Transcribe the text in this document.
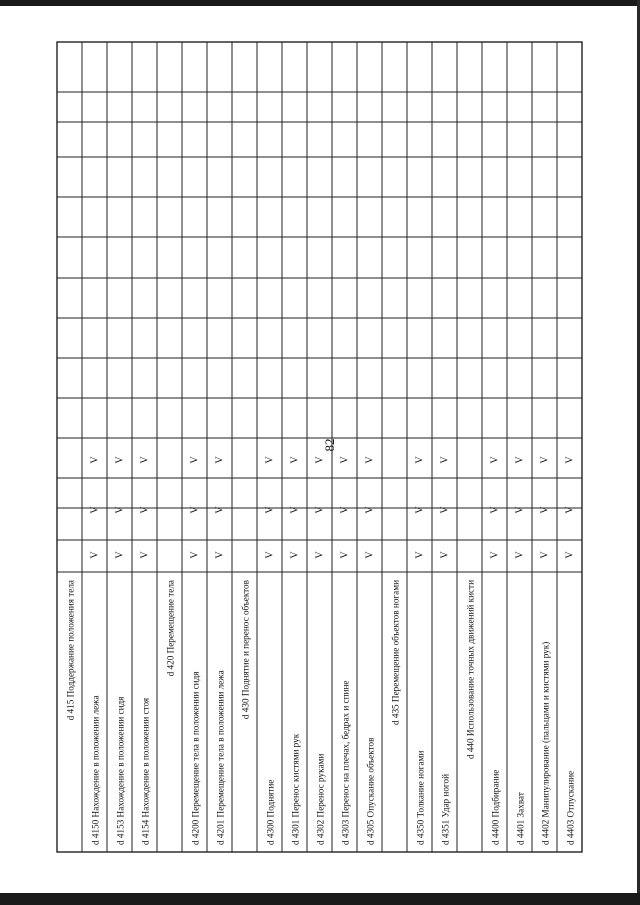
82
d 415 Поддержание положения тела
d 4150 Нахождение в положении лежа d 4153 Нахождение в положении сидя d 4154 Нахождение в положении стоя
d 420 Перемещение тела
d 4200 Перемещение тела в положении сидя d 4201 Перемещение тела в положении лежа
d 430 Поднятие и перенос объектов
d 4300 Поднятие d 4301 Перенос кистями рук d 4302 Перенос руками d 4303 Перенос на плечах, бедрах и спине d 4305 Опускание объектов
d 435 Перемещение объектов ногами
d 4350 Толкание ногами d 4351 Удар ногой
d 440 Использование точных движений кисти
d 4400 Подбирание d 4401 Захват d 4402 Манипулирование (пальцами и кистями рук) d 4403 Отпускание
V
V
V
V
V
V
V
V
V
V
V
V
V
V
V
V
V
V
V
V
V
V
V
V
V
V
V
V
V
V
V
V
V
V
V
V
V
V
V
V
V
V
V
V
V
V
V
V
